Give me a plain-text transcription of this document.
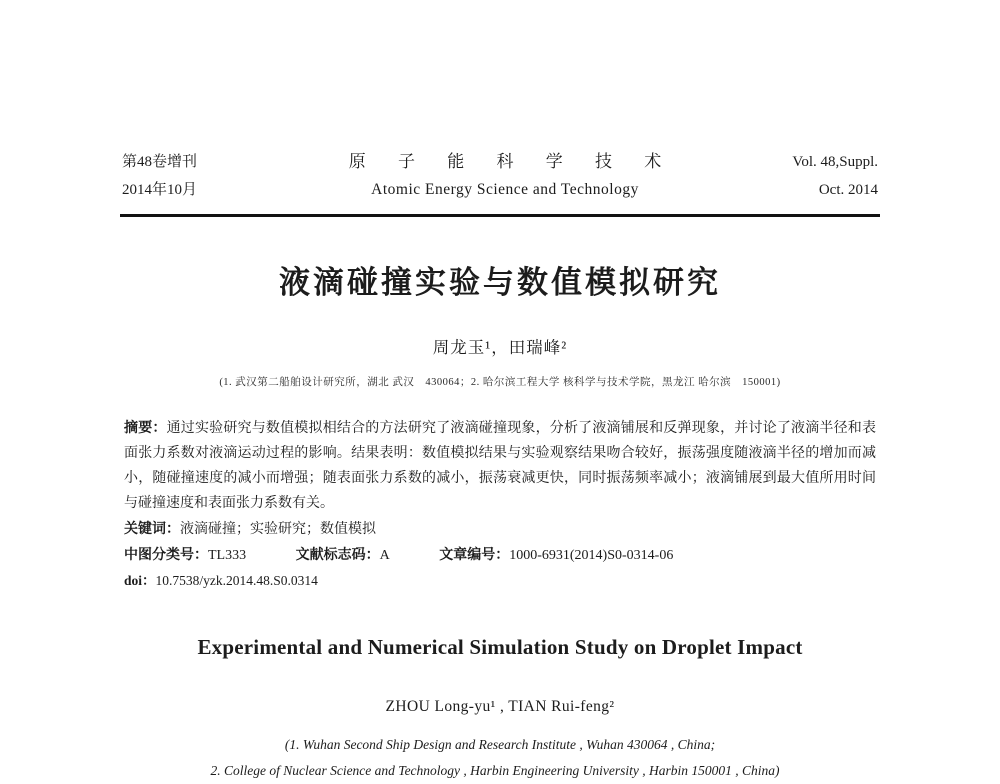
第48卷增刊
2014年10月
原 子 能 科 学 技 术
Atomic Energy Science and Technology
Vol. 48,Suppl.
Oct. 2014
液滴碰撞实验与数值模拟研究
周龙玉¹，田瑞峰²
(1. 武汉第二船舶设计研究所，湖北 武汉　430064；2. 哈尔滨工程大学 核科学与技术学院，黑龙江 哈尔滨　150001)

摘要：通过实验研究与数值模拟相结合的方法研究了液滴碰撞现象，分析了液滴铺展和反弹现象，并讨论了液滴半径和表面张力系数对液滴运动过程的影响。结果表明：数值模拟结果与实验观察结果吻合较好，振荡强度随液滴半径的增加而减小，随碰撞速度的减小而增强；随表面张力系数的减小，振荡衰减更快，同时振荡频率减小；液滴铺展到最大值所用时间与碰撞速度和表面张力系数有关。

关键词：液滴碰撞；实验研究；数值模拟

中图分类号：TL333	文献标志码：A	文章编号：1000-6931(2014)S0-0314-06

doi：10.7538/yzk.2014.48.S0.0314

Experimental and Numerical Simulation Study on Droplet Impact
ZHOU Long-yu¹ , TIAN Rui-feng²
(1. Wuhan Second Ship Design and Research Institute , Wuhan 430064 , China;
2. College of Nuclear Science and Technology , Harbin Engineering University , Harbin 150001 , China)
